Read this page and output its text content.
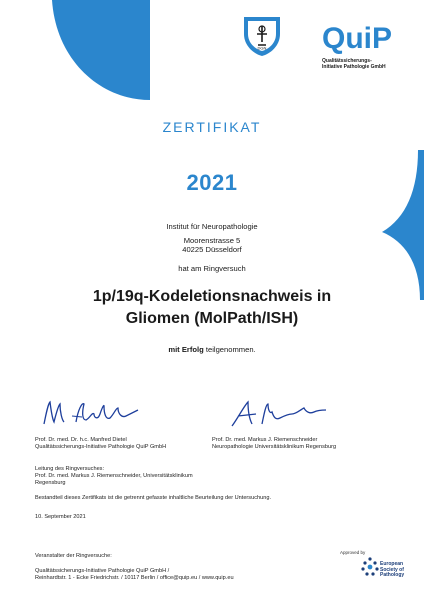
DGN QuiP
Qualitätssicherungs-
Initiative Pathologie GmbH
ZERTIFIKAT
2021
Institut für Neuropathologie
Moorenstrasse 5
40225 Düsseldorf
hat am Ringversuch
1p/19q-Kodeletionsnachweis in
Gliomen (MolPath/ISH)
mit Erfolg teilgenommen.
Prof. Dr. med. Dr. h.c. Manfred Dietel
Qualitätssicherungs-Initiative Pathologie QuiP GmbH
Prof. Dr. med. Markus J. Riemenschneider
Neuropathologie Universitätsklinikum Regensburg
Leitung des Ringversuches:
Prof. Dr. med. Markus J. Riemenschneider, Universitätsklinikum
Regensburg
Bestandteil dieses Zertifikats ist die getrennt gefasste inhaltliche Beurteilung der Untersuchung.
10. September 2021
Veranstalter der Ringversuche:
Qualitätssicherungs-Initiative Pathologie QuiP GmbH /
Reinhardtstr. 1 - Ecke Friedrichstr. / 10117 Berlin / office@quip.eu / www.quip.eu
Approved by
European
Society of
Pathology
